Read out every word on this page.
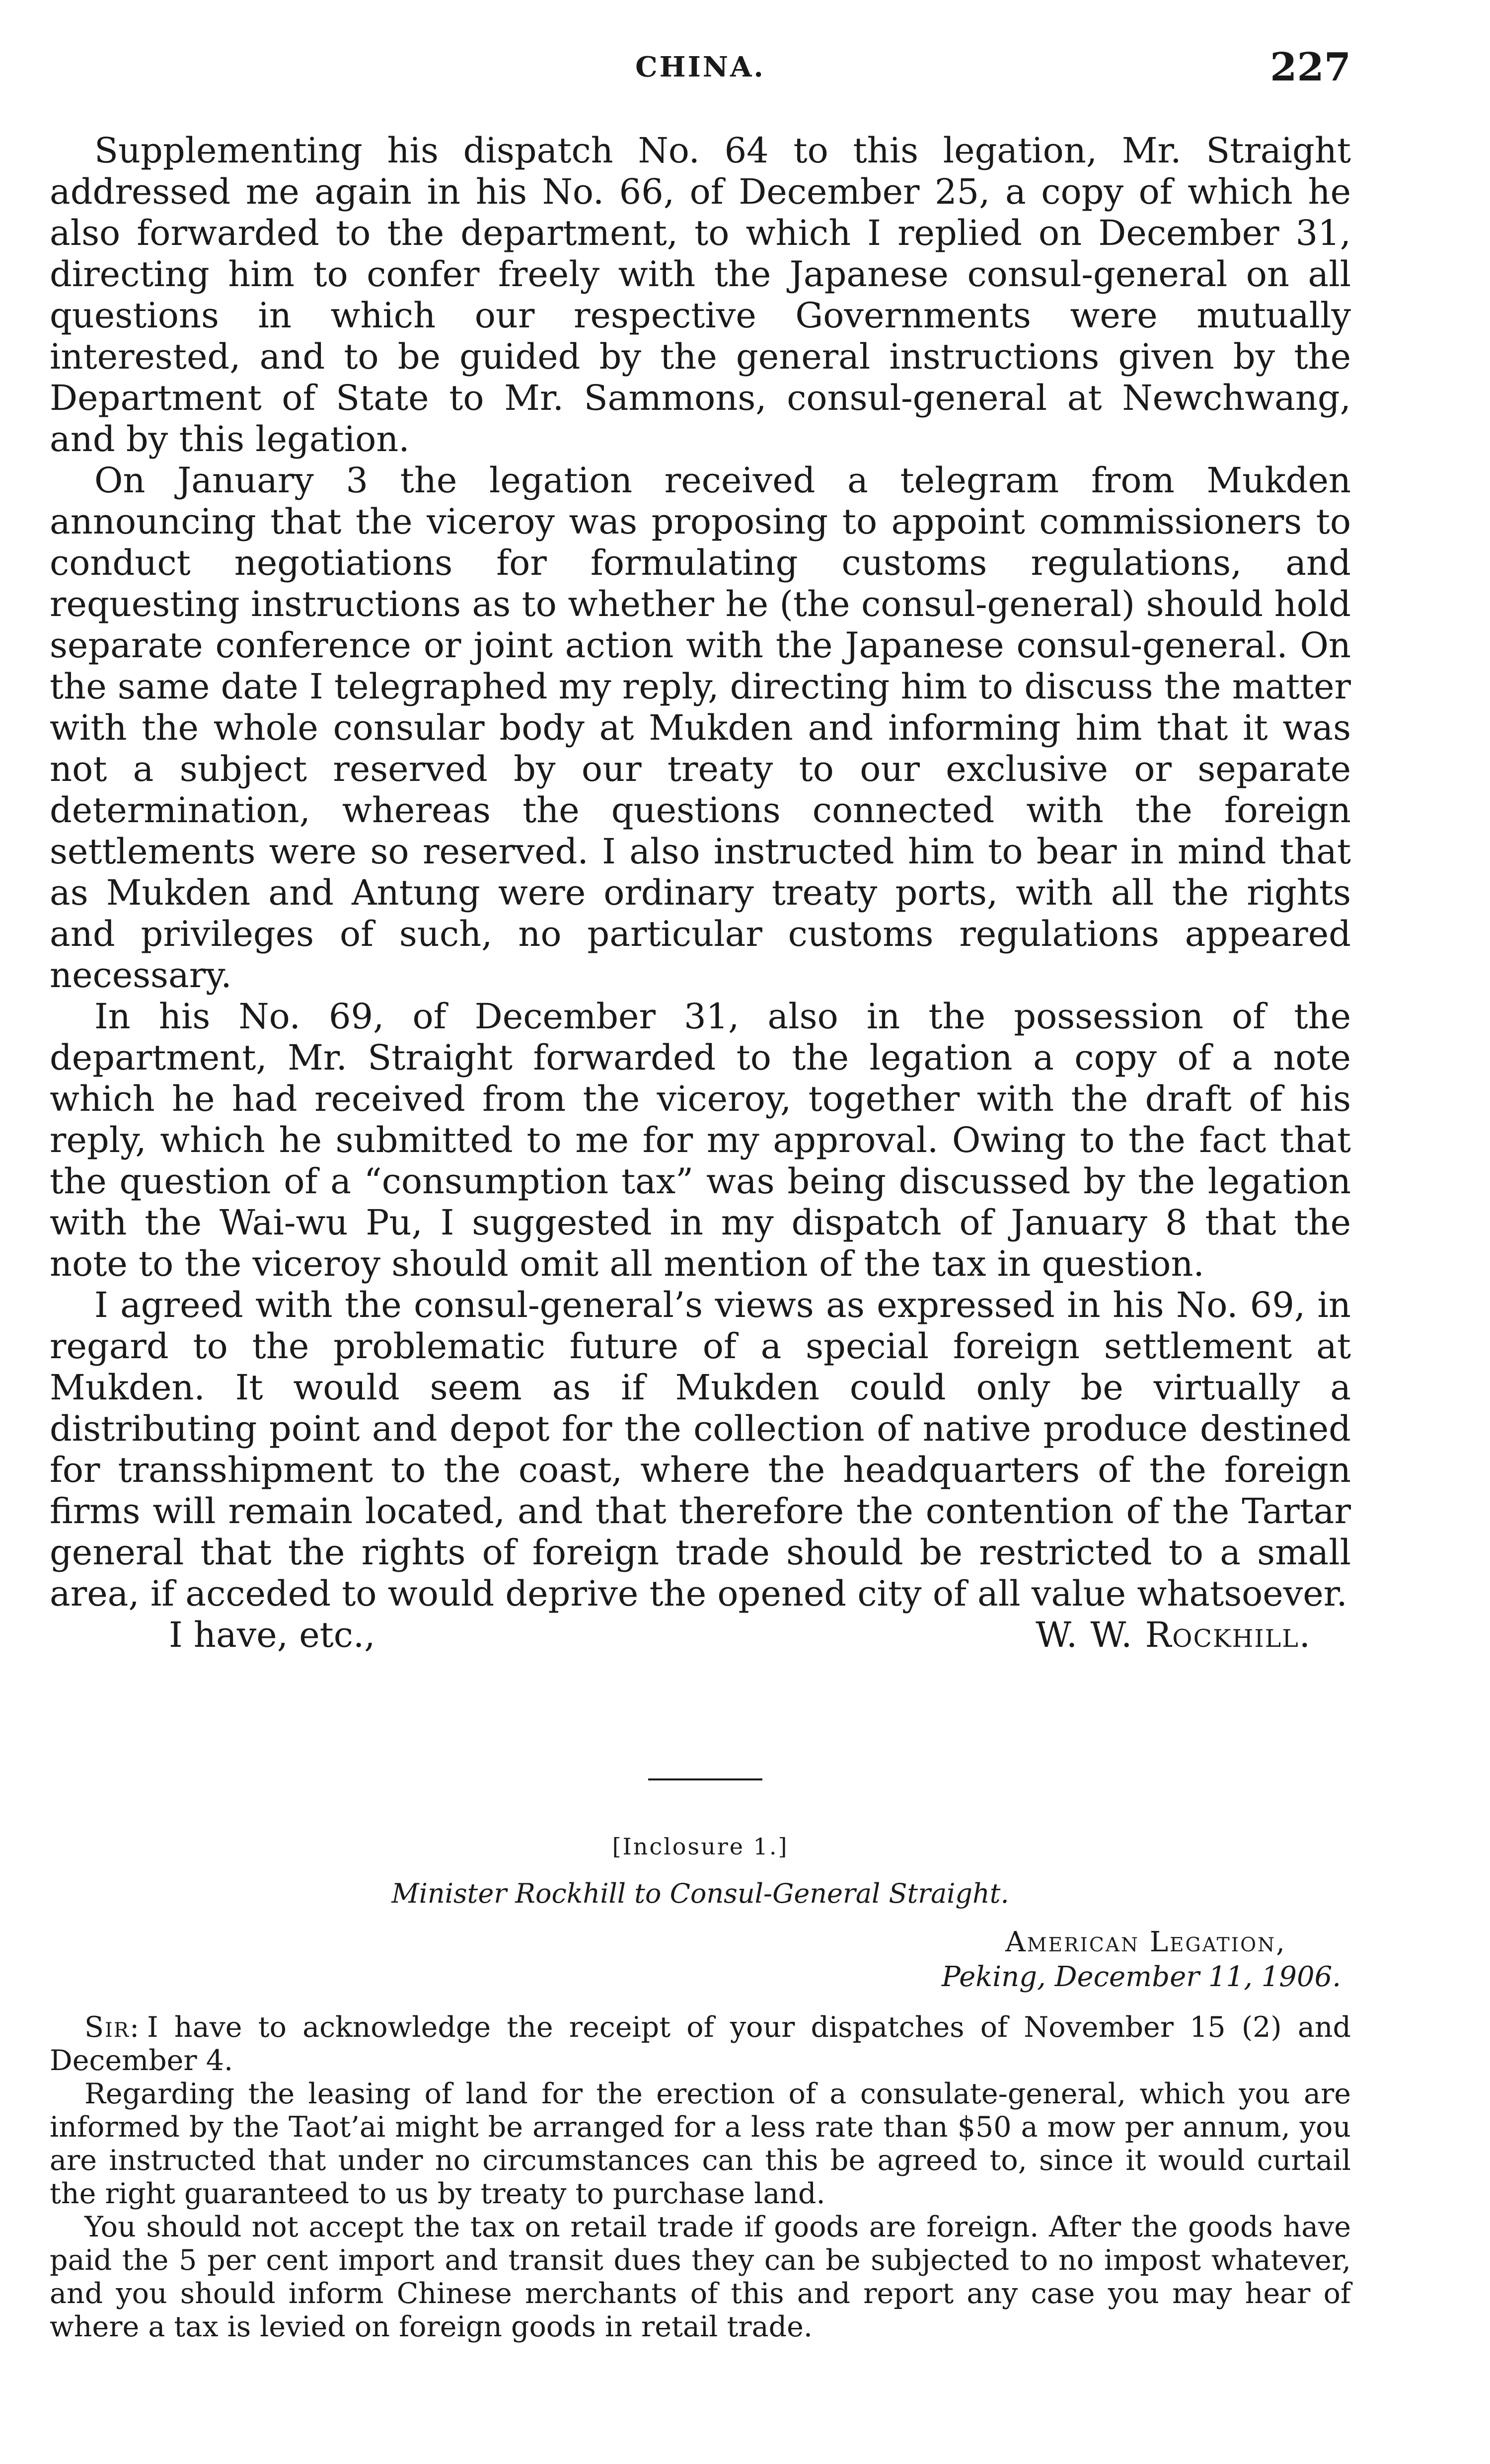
CHINA.	227

Supplementing his dispatch No. 64 to this legation, Mr. Straight addressed me again in his No. 66, of December 25, a copy of which he also forwarded to the department, to which I replied on December 31, directing him to confer freely with the Japanese consul-general on all questions in which our respective Governments were mutually interested, and to be guided by the general instructions given by the Department of State to Mr. Sammons, consul-general at Newchwang, and by this legation.

On January 3 the legation received a telegram from Mukden announcing that the viceroy was proposing to appoint commissioners to conduct negotiations for formulating customs regulations, and requesting instructions as to whether he (the consul-general) should hold separate conference or joint action with the Japanese consul-general. On the same date I telegraphed my reply, directing him to discuss the matter with the whole consular body at Mukden and informing him that it was not a subject reserved by our treaty to our exclusive or separate determination, whereas the questions connected with the foreign settlements were so reserved. I also instructed him to bear in mind that as Mukden and Antung were ordinary treaty ports, with all the rights and privileges of such, no particular customs regulations appeared necessary.

In his No. 69, of December 31, also in the possession of the department, Mr. Straight forwarded to the legation a copy of a note which he had received from the viceroy, together with the draft of his reply, which he submitted to me for my approval. Owing to the fact that the question of a “consumption tax” was being discussed by the legation with the Wai-wu Pu, I suggested in my dispatch of January 8 that the note to the viceroy should omit all mention of the tax in question.

I agreed with the consul-general’s views as expressed in his No. 69, in regard to the problematic future of a special foreign settlement at Mukden. It would seem as if Mukden could only be virtually a distributing point and depot for the collection of native produce destined for transshipment to the coast, where the headquarters of the foreign firms will remain located, and that therefore the contention of the Tartar general that the rights of foreign trade should be restricted to a small area, if acceded to would deprive the opened city of all value whatsoever.

I have, etc.,	W. W. Rockhill.
[Inclosure 1.]
Minister Rockhill to Consul-General Straight.
American Legation,
Peking, December 11, 1906.

Sir: I have to acknowledge the receipt of your dispatches of November 15 (2) and December 4.

Regarding the leasing of land for the erection of a consulate-general, which you are informed by the Taot’ai might be arranged for a less rate than $50 a mow per annum, you are instructed that under no circumstances can this be agreed to, since it would curtail the right guaranteed to us by treaty to purchase land.

You should not accept the tax on retail trade if goods are foreign. After the goods have paid the 5 per cent import and transit dues they can be subjected to no impost whatever, and you should inform Chinese merchants of this and report any case you may hear of where a tax is levied on foreign goods in retail trade.
